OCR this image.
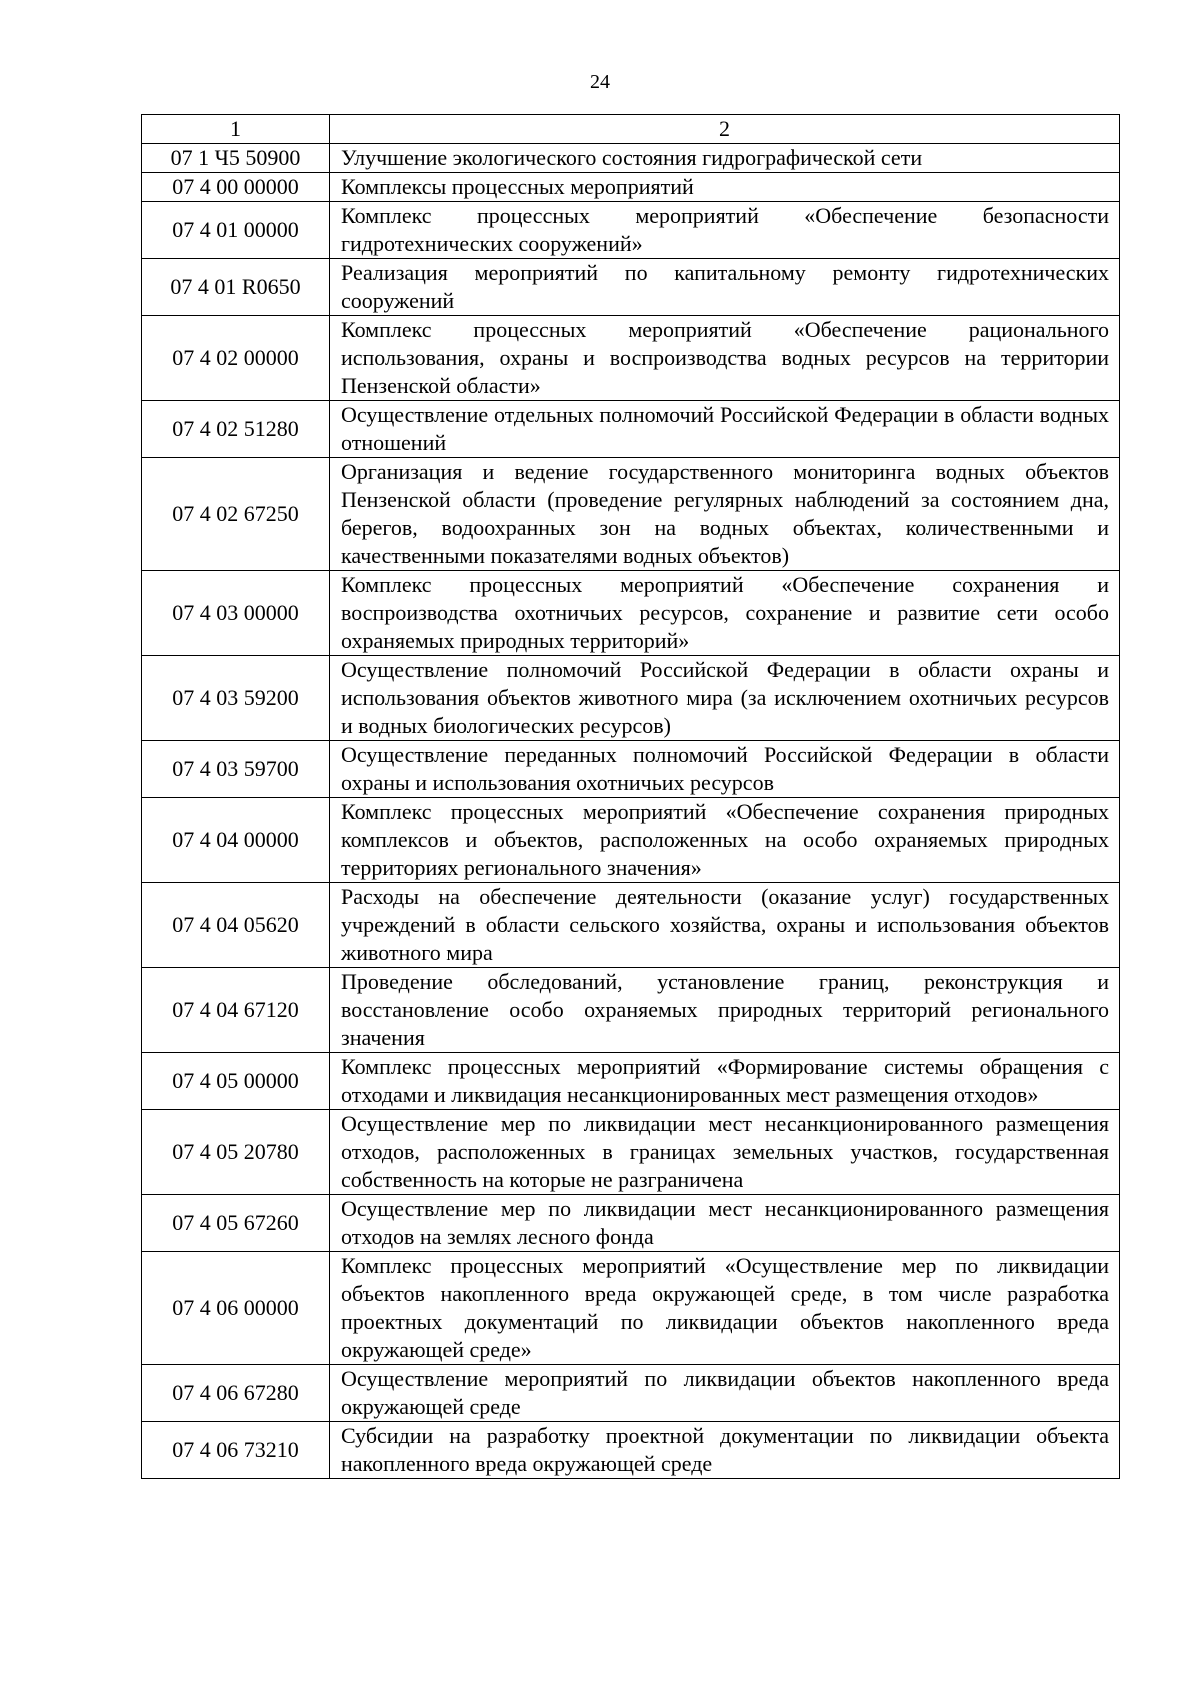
24
1	2
07 1 Ч5 50900	Улучшение экологического состояния гидрографической сети
07 4 00 00000	Комплексы процессных мероприятий
07 4 01 00000	Комплекс процессных мероприятий «Обеспечение безопасности гидротехнических сооружений»
07 4 01 R0650	Реализация мероприятий по капитальному ремонту гидротехнических сооружений
07 4 02 00000	Комплекс процессных мероприятий «Обеспечение рационального использования, охраны и воспроизводства водных ресурсов на территории Пензенской области»
07 4 02 51280	Осуществление отдельных полномочий Российской Федерации в области водных отношений
07 4 02 67250	Организация и ведение государственного мониторинга водных объектов Пензенской области (проведение регулярных наблюдений за состоянием дна, берегов, водоохранных зон на водных объектах, количественными и качественными показателями водных объектов)
07 4 03 00000	Комплекс процессных мероприятий «Обеспечение сохранения и воспроизводства охотничьих ресурсов, сохранение и развитие сети особо охраняемых природных территорий»
07 4 03 59200	Осуществление полномочий Российской Федерации в области охраны и использования объектов животного мира (за исключением охотничьих ресурсов и водных биологических ресурсов)
07 4 03 59700	Осуществление переданных полномочий Российской Федерации в области охраны и использования охотничьих ресурсов
07 4 04 00000	Комплекс процессных мероприятий «Обеспечение сохранения природных комплексов и объектов, расположенных на особо охраняемых природных территориях регионального значения»
07 4 04 05620	Расходы на обеспечение деятельности (оказание услуг) государственных учреждений в области сельского хозяйства, охраны и использования объектов животного мира
07 4 04 67120	Проведение обследований, установление границ, реконструкция и восстановление особо охраняемых природных территорий регионального значения
07 4 05 00000	Комплекс процессных мероприятий «Формирование системы обращения с отходами и ликвидация несанкционированных мест размещения отходов»
07 4 05 20780	Осуществление мер по ликвидации мест несанкционированного размещения отходов, расположенных в границах земельных участков, государственная собственность на которые не разграничена
07 4 05 67260	Осуществление мер по ликвидации мест несанкционированного размещения отходов на землях лесного фонда
07 4 06 00000	Комплекс процессных мероприятий «Осуществление мер по ликвидации объектов накопленного вреда окружающей среде, в том числе разработка проектных документаций по ликвидации объектов накопленного вреда окружающей среде»
07 4 06 67280	Осуществление мероприятий по ликвидации объектов накопленного вреда окружающей среде
07 4 06 73210	Субсидии на разработку проектной документации по ликвидации объекта накопленного вреда окружающей среде
